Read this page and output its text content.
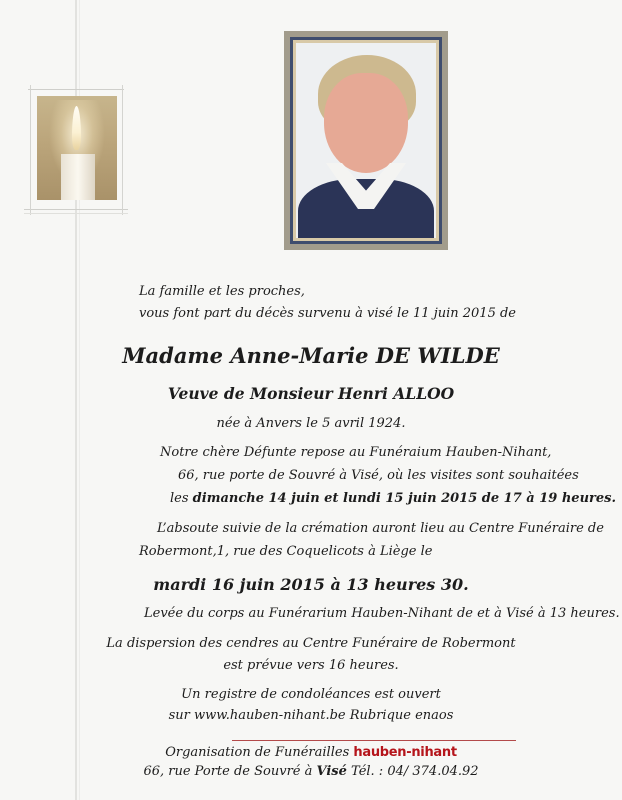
La famille et les proches,
vous font part du décès survenu à visé le 11 juin 2015 de
Madame Anne-Marie DE WILDE
Veuve de Monsieur Henri ALLOO
née à Anvers le 5 avril 1924.
Notre chère Défunte repose au Funéraium Hauben-Nihant,
66, rue porte de Souvré à Visé, où les visites sont souhaitées
les dimanche 14 juin et lundi 15 juin 2015 de 17 à 19 heures.
L’absoute suivie de la crémation auront lieu au Centre Funéraire de
Robermont,1, rue des Coquelicots à Liège le
mardi 16 juin 2015 à 13 heures 30.
Levée du corps au Funérarium Hauben-Nihant de et à Visé à 13 heures.
La dispersion des cendres au Centre Funéraire de Robermont
est prévue vers 16 heures.
Un registre de condoléances est ouvert
sur www.hauben-nihant.be Rubrique enaos
Organisation de Funérailles hauben-nihant
66, rue Porte de Souvré à Visé Tél. : 04/ 374.04.92
